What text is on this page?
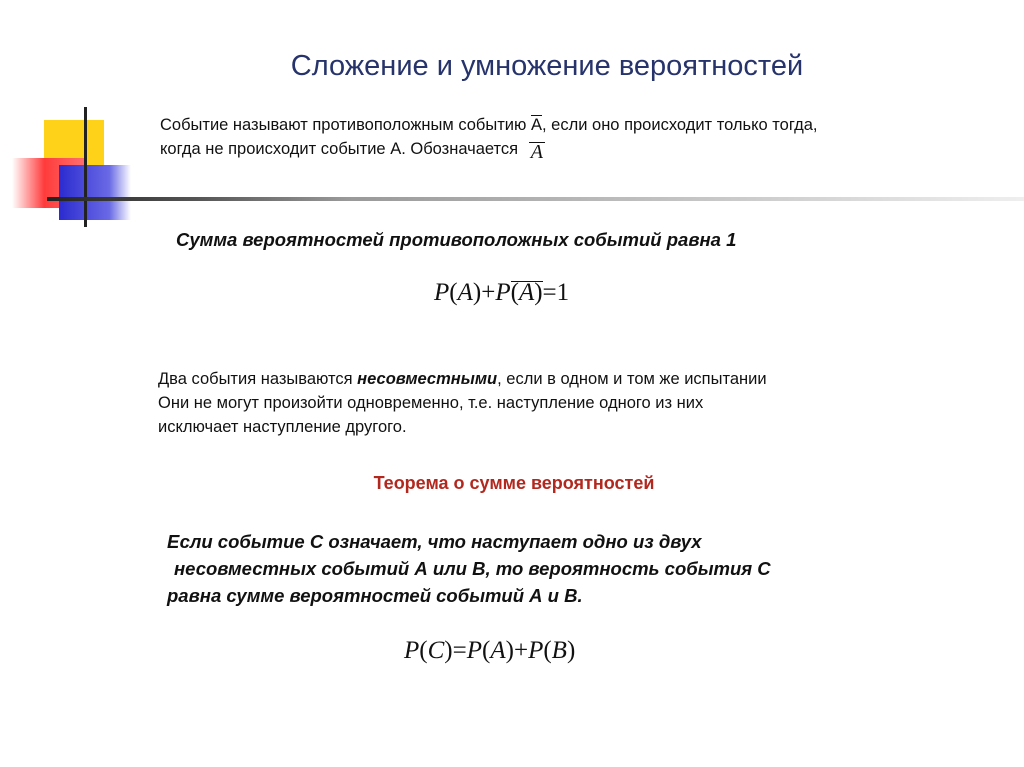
Сложение и умножение вероятностей
Событие называют противоположным событию А, если оно происходит только тогда,
когда не происходит событие А. Обозначается A
Сумма вероятностей противоположных событий равна 1
P(A)+P(A)=1
Два события называются несовместными, если в одном и том же испытании
Они не могут произойти одновременно, т.е. наступление одного из них
исключает наступление другого.
Теорема о сумме вероятностей
Если событие С означает, что наступает одно из двух
несовместных событий А или В, то вероятность события С
равна сумме вероятностей событий А и В.
P(C)=P(A)+P(B)
